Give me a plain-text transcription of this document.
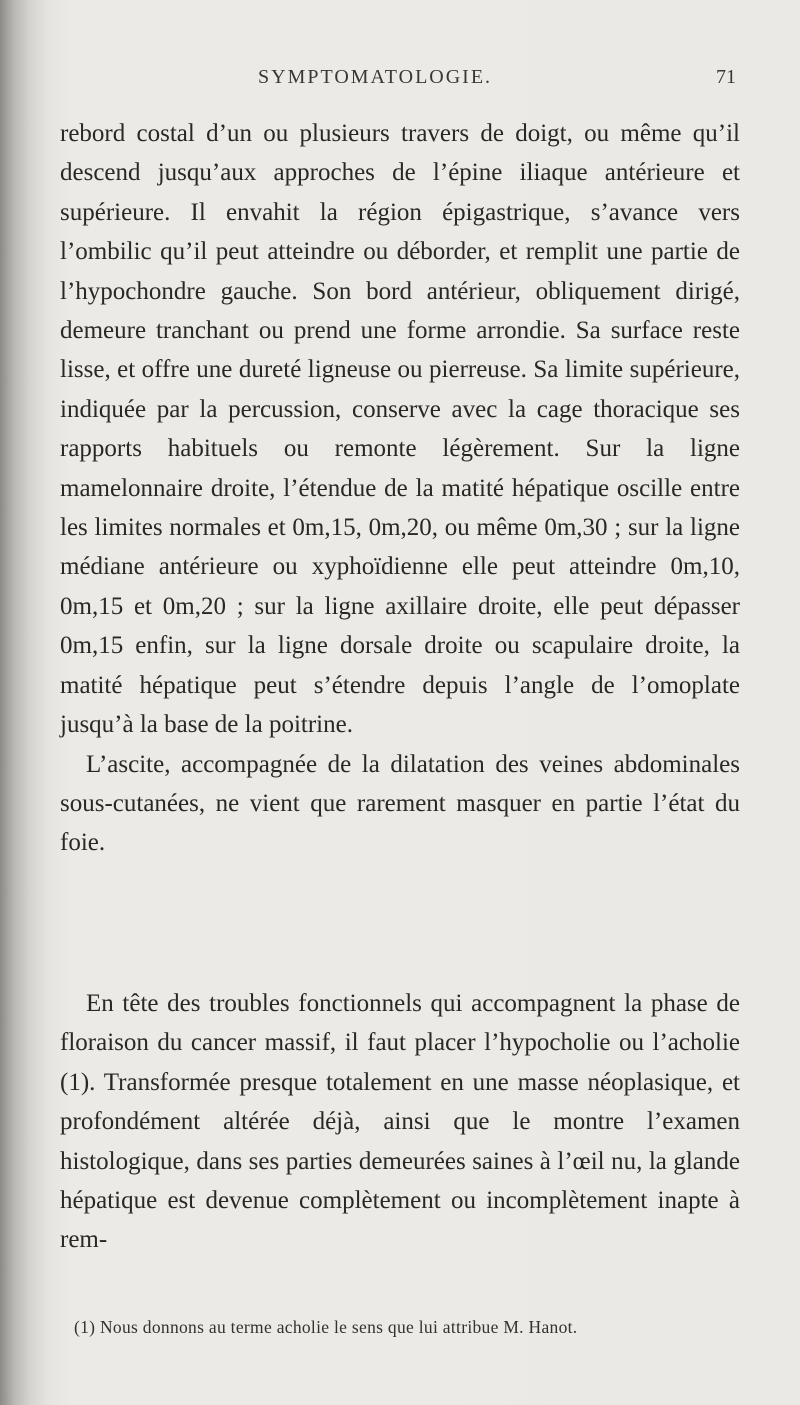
SYMPTOMATOLOGIE.	71

rebord costal d’un ou plusieurs travers de doigt, ou même qu’il descend jusqu’aux approches de l’épine iliaque antérieure et supérieure. Il envahit la région épigastrique, s’avance vers l’ombilic qu’il peut atteindre ou déborder, et remplit une partie de l’hypochondre gauche. Son bord antérieur, obliquement dirigé, demeure tranchant ou prend une forme arrondie. Sa surface reste lisse, et offre une dureté ligneuse ou pierreuse. Sa limite supérieure, indiquée par la percussion, conserve avec la cage thoracique ses rapports habituels ou remonte légèrement. Sur la ligne mamelonnaire droite, l’étendue de la matité hépatique oscille entre les limites normales et 0m,15, 0m,20, ou même 0m,30 ; sur la ligne médiane antérieure ou xyphoïdienne elle peut atteindre 0m,10, 0m,15 et 0m,20 ; sur la ligne axillaire droite, elle peut dépasser 0m,15 enfin, sur la ligne dorsale droite ou scapulaire droite, la matité hépatique peut s’étendre depuis l’angle de l’omoplate jusqu’à la base de la poitrine.

L’ascite, accompagnée de la dilatation des veines abdominales sous-cutanées, ne vient que rarement masquer en partie l’état du foie.

En tête des troubles fonctionnels qui accompagnent la phase de floraison du cancer massif, il faut placer l’hypocholie ou l’acholie (1). Transformée presque totalement en une masse néoplasique, et profondément altérée déjà, ainsi que le montre l’examen histologique, dans ses parties demeurées saines à l’œil nu, la glande hépatique est devenue complètement ou incomplètement inapte à rem-

(1) Nous donnons au terme acholie le sens que lui attribue M. Hanot.
